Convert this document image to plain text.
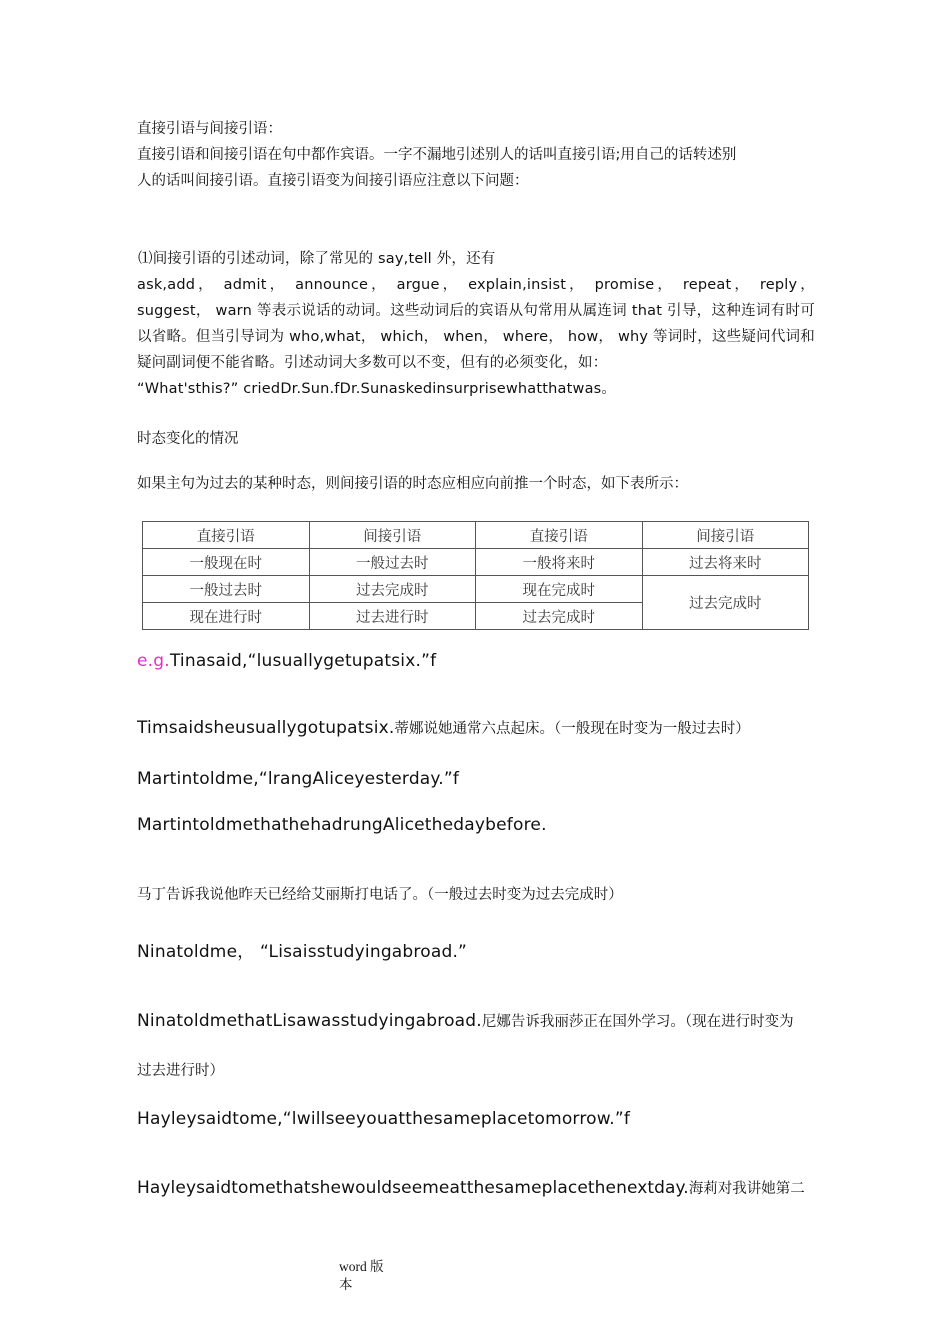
直接引语与间接引语：
直接引语和间接引语在句中都作宾语。一字不漏地引述别人的话叫直接引语;用自己的话转述别
人的话叫间接引语。直接引语变为间接引语应注意以下问题：
⑴间接引语的引述动词，除了常见的 say,tell 外，还有
ask,add， admit， announce， argue， explain,insist， promise， repeat， reply， suggest， warn 等表示说话的动词。这些动词后的宾语从句常用从属连词 that 引导，这种连词有时可以省略。但当引导词为 who,what， which， when， where， how， why 等词时，这些疑问代词和疑问副词便不能省略。引述动词大多数可以不变，但有的必须变化，如：
“What'sthis?” criedDr.Sun.fDr.Sunaskedinsurprisewhatthatwas。
时态变化的情况
如果主句为过去的某种时态，则间接引语的时态应相应向前推一个时态，如下表所示：
直接引语	间接引语	直接引语	间接引语
一般现在时	一般过去时	一般将来时	过去将来时
一般过去时	过去完成时	现在完成时	过去完成时
现在进行时	过去进行时	过去完成时	
e.g.Tinasaid,“lusuallygetupatsix.”f
Timsaidsheusuallygotupatsix.蒂娜说她通常六点起床。（一般现在时变为一般过去时）
Martintoldme,“lrangAliceyesterday.”f
MartintoldmethathehadrungAlicethedaybefore.
马丁告诉我说他昨天已经给艾丽斯打电话了。（一般过去时变为过去完成时）
Ninatoldme， “Lisaisstudyingabroad.”
NinatoldmethatLisawasstudyingabroad.尼娜告诉我丽莎正在国外学习。（现在进行时变为
过去进行时）
Hayleysaidtome,“lwillseeyouatthesameplacetomorrow.”f
Hayleysaidtomethatshewouldseemeatthesameplacethenextday.海莉对我讲她第二
word 版
本
